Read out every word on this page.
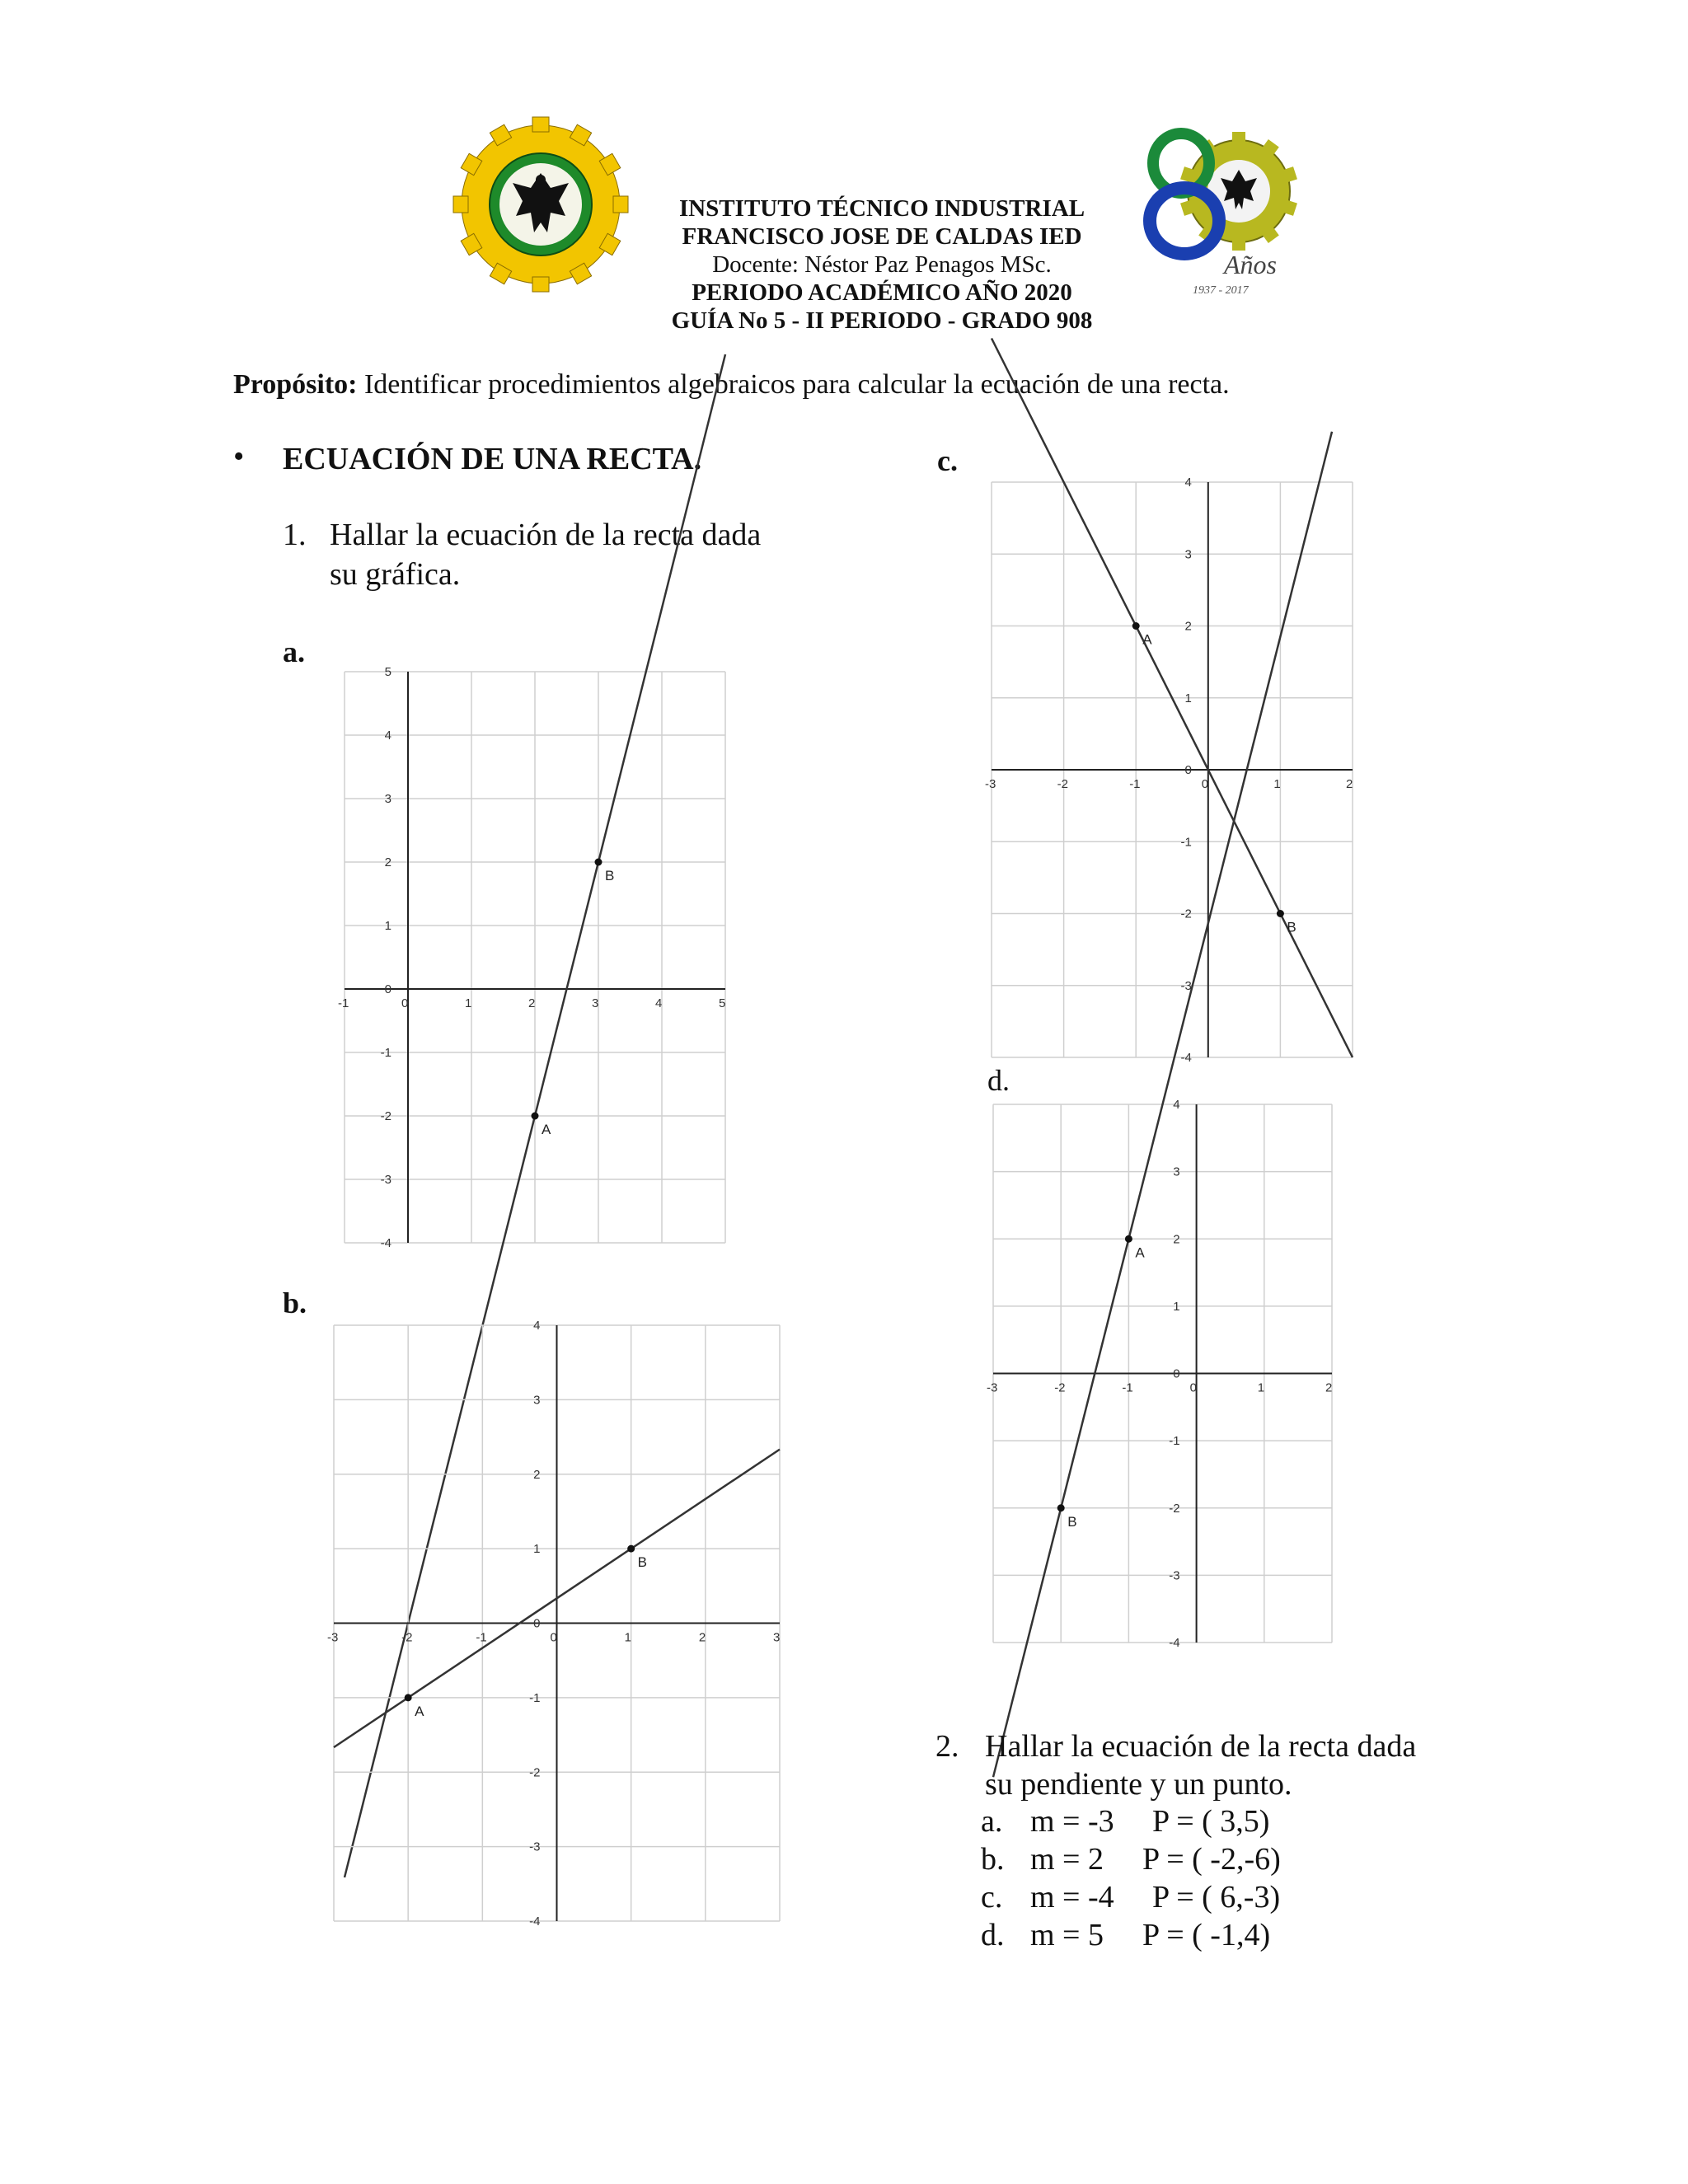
INSTITUTO TÉCNICO INDUSTRIAL
FRANCISCO JOSE DE CALDAS IED
Docente: Néstor Paz Penagos MSc.
PERIODO ACADÉMICO AÑO 2020
GUÍA No 5 - II PERIODO - GRADO 908
Años
1937 - 2017
Propósito: Identificar procedimientos algebraicos para calcular la ecuación de una recta.
• ECUACIÓN DE UNA RECTA.
1. Hallar la ecuación de la recta dada
su gráfica.
a.
b.
c.
d.
-1	0	1	2	3	4	5
-4
-3
-2
-1
0
1
2
3
4
5
A
B
-3	-2	-1	0	1	2	3
-4
-3
-2
-1
0
1
2
3
4
A
B
-3	-2	-1	0	1	2
-4
-3
-2
-1
0
1
2
3
4
A
B
-3	-2	-1	0	1	2
-4
-3
-2
-1
0
1
2
3
4
A
B
2. Hallar la ecuación de la recta dada
su pendiente y un punto.
a. m = -3 P = ( 3,5)
b. m = 2 P = ( -2,-6)
c. m = -4 P = ( 6,-3)
d. m = 5 P = ( -1,4)
